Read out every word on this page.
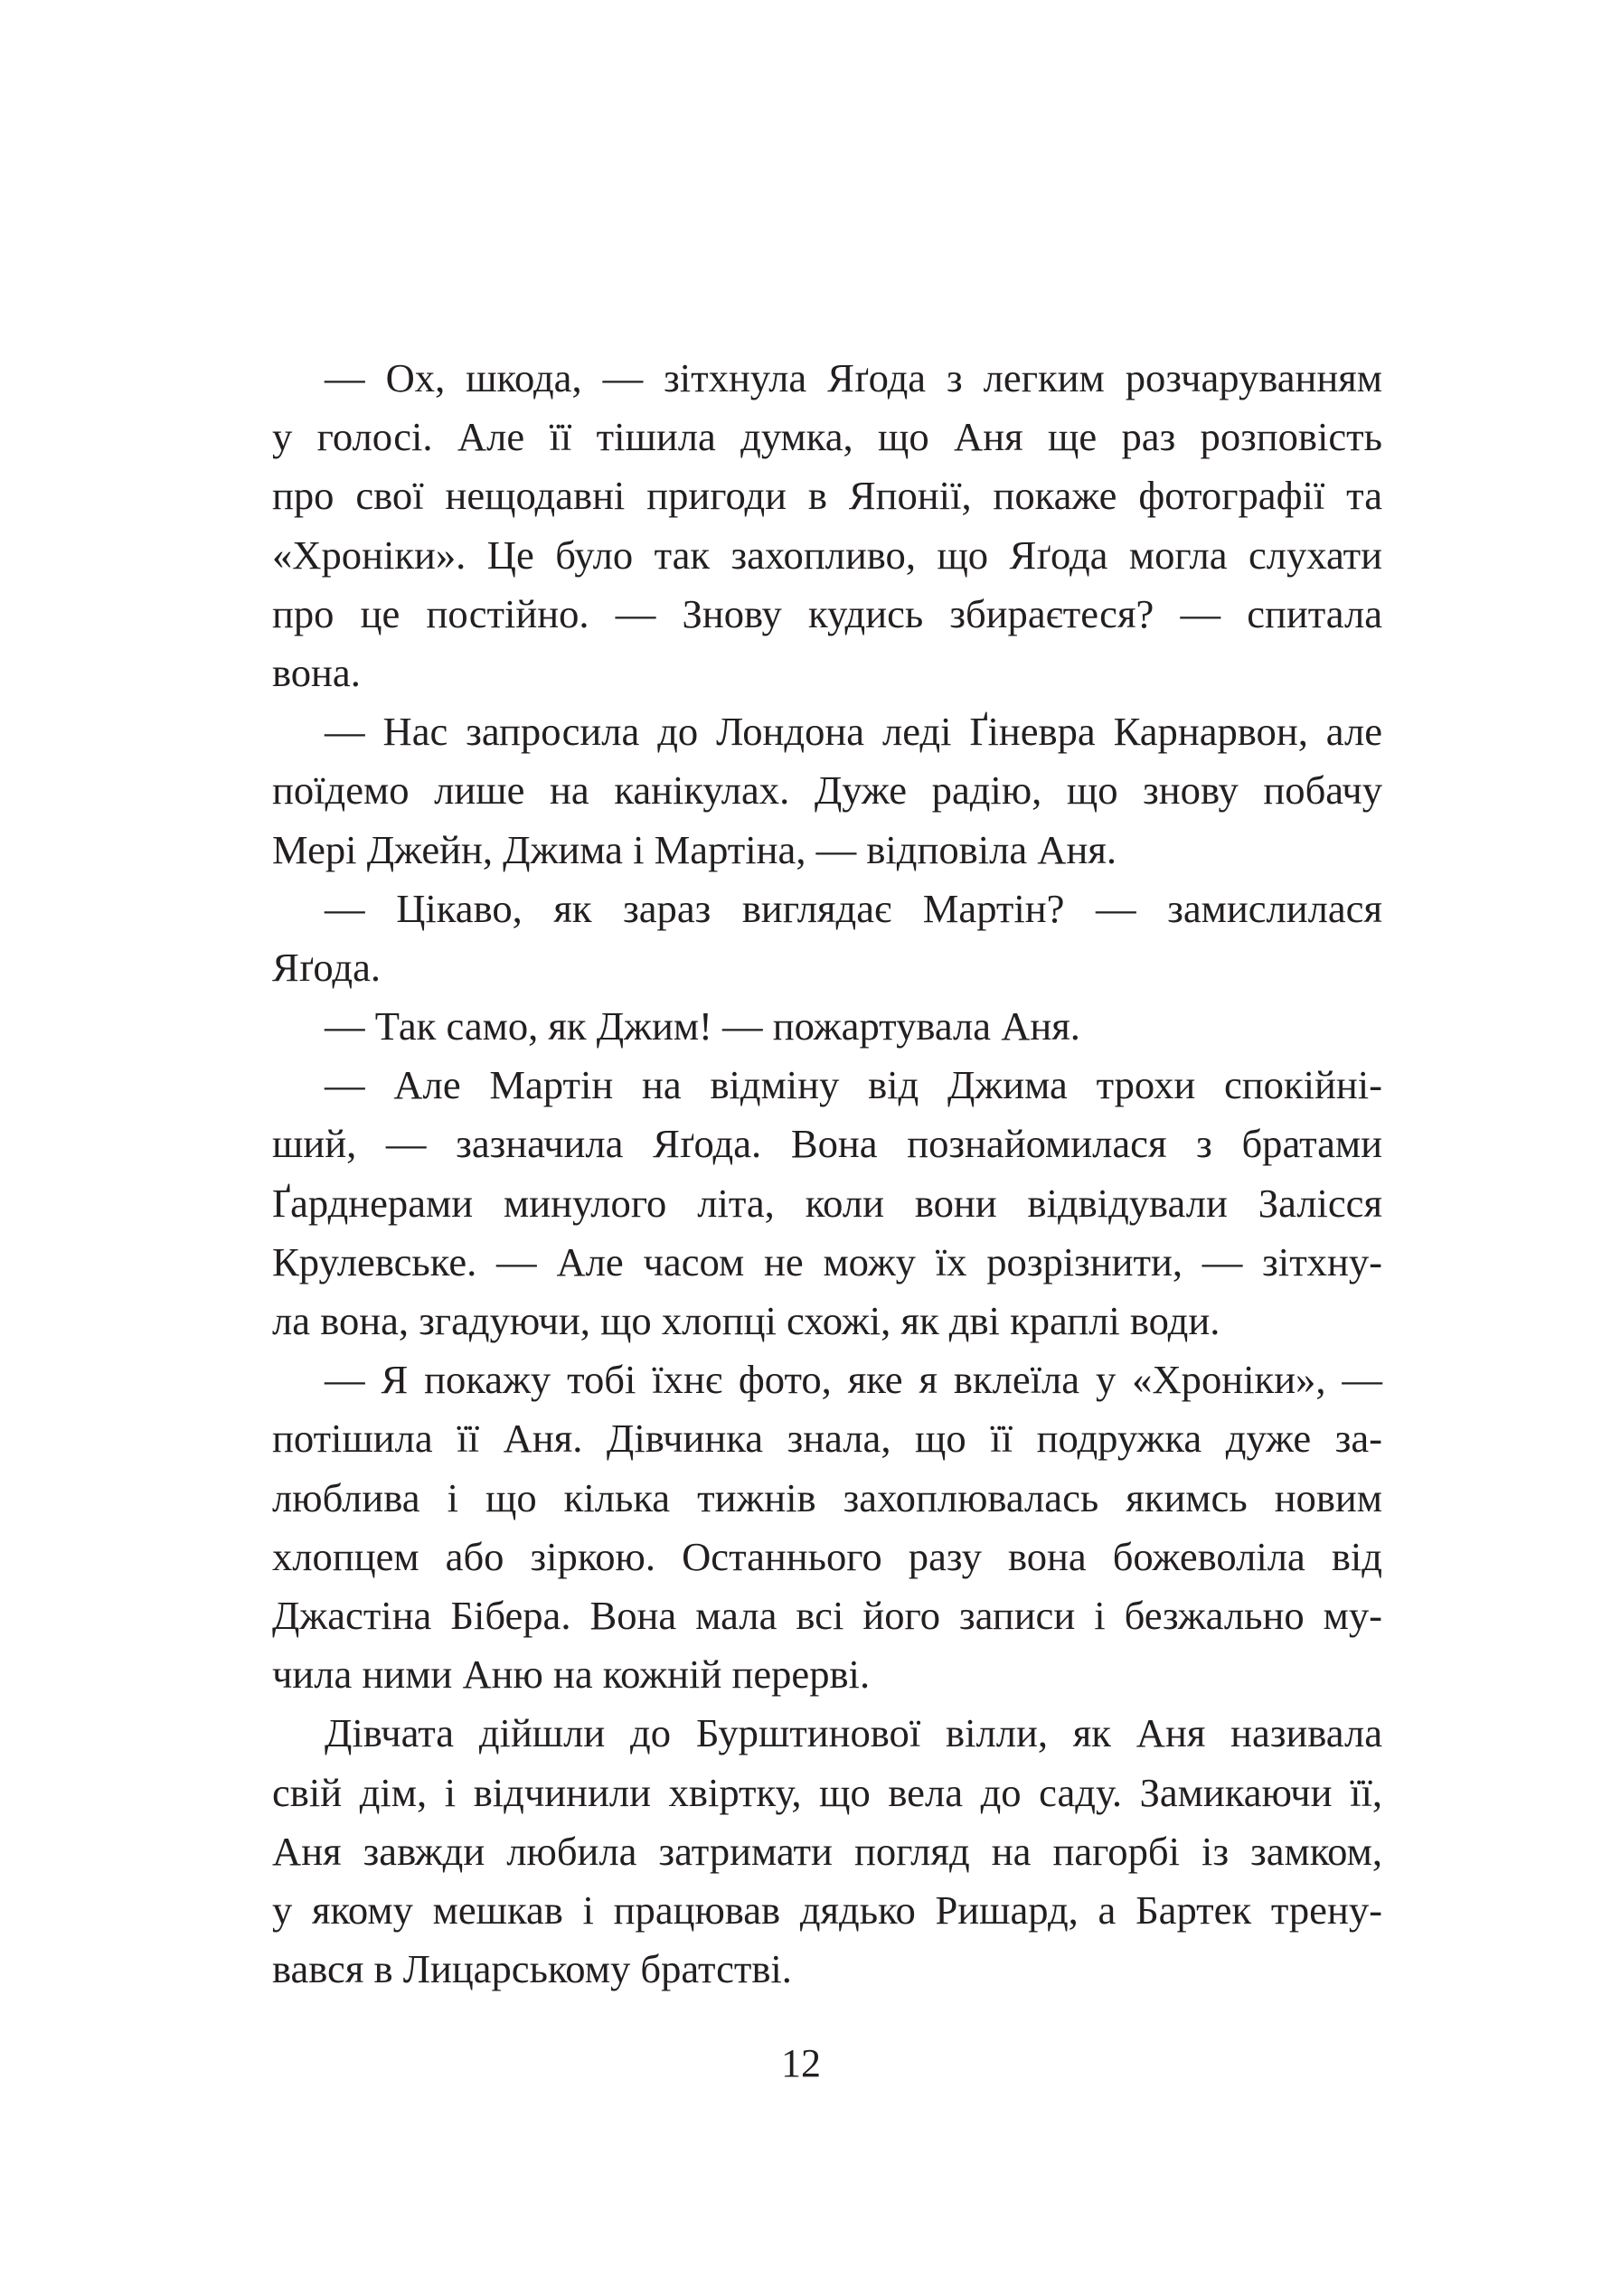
— Ох, шкода, — зітхнула Яґода з легким розчаруванням
у голосі. Але її тішила думка, що Аня ще раз розповість
про свої нещодавні пригоди в Японії, покаже фотографії та
«Хроніки». Це було так захопливо, що Яґода могла слухати
про це постійно. — Знову кудись збираєтеся? — спитала
вона.
— Нас запросила до Лондона леді Ґіневра Карнарвон, але
поїдемо лише на канікулах. Дуже радію, що знову побачу
Мері Джейн, Джима і Мартіна, — відповіла Аня.
— Цікаво, як зараз виглядає Мартін? — замислилася
Яґода.
— Так само, як Джим! — пожартувала Аня.
— Але Мартін на відміну від Джима трохи спокійні-
ший, — зазначила Яґода. Вона познайомилася з братами
Ґарднерами минулого літа, коли вони відвідували Залісся
Крулевське. — Але часом не можу їх розрізнити, — зітхну-
ла вона, згадуючи, що хлопці схожі, як дві краплі води.
— Я покажу тобі їхнє фото, яке я вклеїла у «Хроніки», —
потішила її Аня. Дівчинка знала, що її подружка дуже за-
люблива і що кілька тижнів захоплювалась якимсь новим
хлопцем або зіркою. Останнього разу вона божеволіла від
Джастіна Бібера. Вона мала всі його записи і безжально му-
чила ними Аню на кожній перерві.
Дівчата дійшли до Бурштинової вілли, як Аня називала
свій дім, і відчинили хвіртку, що вела до саду. Замикаючи її,
Аня завжди любила затримати погляд на пагорбі із замком,
у якому мешкав і працював дядько Ришард, а Бартек трену-
вався в Лицарському братстві.
12
